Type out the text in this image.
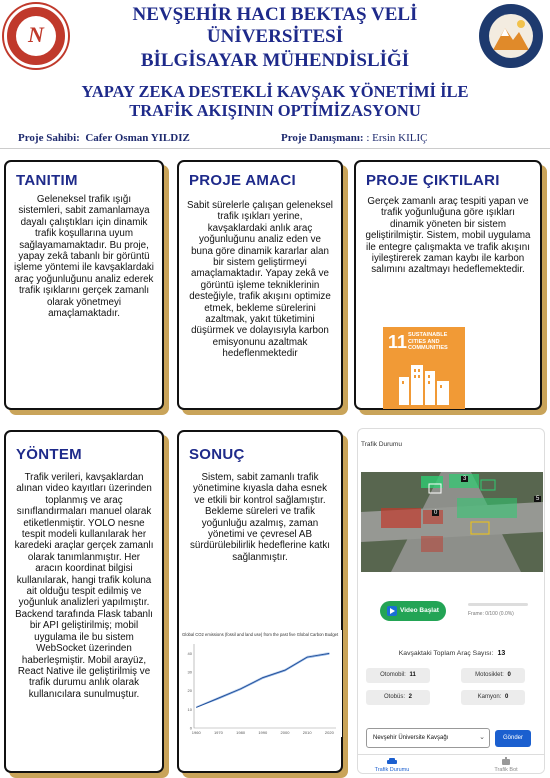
N
NEVŞEHİR HACI BEKTAŞ VELİ
ÜNİVERSİTESİ
BİLGİSAYAR MÜHENDİSLİĞİ
YAPAY ZEKA DESTEKLİ KAVŞAK YÖNETİMİ İLE
TRAFİK AKIŞININ OPTİMİZASYONU
Proje Sahibi: Cafer Osman YILDIZ	Proje Danışmanı: : Ersin KILIÇ
TANITIM
Geleneksel trafik ışığı sistemleri, sabit zamanlamaya dayalı çalıştıkları için dinamik trafik koşullarına uyum sağlayamamaktadır. Bu proje, yapay zekâ tabanlı bir görüntü işleme yöntemi ile kavşaklardaki araç yoğunluğunu analiz ederek trafik ışıklarını gerçek zamanlı olarak yönetmeyi amaçlamaktadır.
PROJE AMACI
Sabit sürelerle çalışan geleneksel trafik ışıkları yerine, kavşaklardaki anlık araç yoğunluğunu analiz eden ve buna göre dinamik kararlar alan bir sistem geliştirmeyi amaçlamaktadır. Yapay zekâ ve görüntü işleme tekniklerinin desteğiyle, trafik akışını optimize etmek, bekleme sürelerini azaltmak, yakıt tüketimini düşürmek ve dolayısıyla karbon emisyonunu azaltmak hedeflenmektedir
PROJE ÇIKTILARI
Gerçek zamanlı araç tespiti yapan ve trafik yoğunluğuna göre ışıkları dinamik yöneten bir sistem geliştirilmiştir. Sistem, mobil uygulama ile entegre çalışmakta ve trafik akışını iyileştirerek zaman kaybı ile karbon salımını azaltmayı hedeflemektedir.
11 SUSTAINABLE CITIES AND COMMUNITIES
YÖNTEM
Trafik verileri, kavşaklardan alınan video kayıtları üzerinden toplanmış ve araç sınıflandırmaları manuel olarak etiketlenmiştir. YOLO nesne tespit modeli kullanılarak her karedeki araçlar gerçek zamanlı olarak tanımlanmıştır. Her aracın koordinat bilgisi kullanılarak, hangi trafik koluna ait olduğu tespit edilmiş ve yoğunluk analizleri yapılmıştır. Backend tarafında Flask tabanlı bir API geliştirilmiş; mobil uygulama ile bu sistem WebSocket üzerinden haberleşmiştir. Mobil arayüz, React Native ile geliştirilmiş ve trafik durumu anlık olarak kullanıcılara sunulmuştur.
SONUÇ
Sistem, sabit zamanlı trafik yönetimine kıyasla daha esnek ve etkili bir kontrol sağlamıştır. Bekleme süreleri ve trafik yoğunluğu azalmış, zaman yönetimi ve çevresel AB sürdürülebilirlik hedeflerine katkı sağlanmıştır.
Global CO2 emissions (fossil and land use) from the past five Global Carbon Budget
1960	1970	1980	1990	2000	2010	2020
0
10
20
30
40
Trafik Durumu
0
3
5
Video Başlat	Frame: 0/100 (0.0%)
Kavşaktaki Toplam Araç Sayısı: 13
Otomobil: 11	Motosiklet: 0
Otobüs: 2	Kamyon: 0
Nevşehir Üniversite Kavşağı	⌄	Gönder
Trafik Durumu	Trafik Bot
